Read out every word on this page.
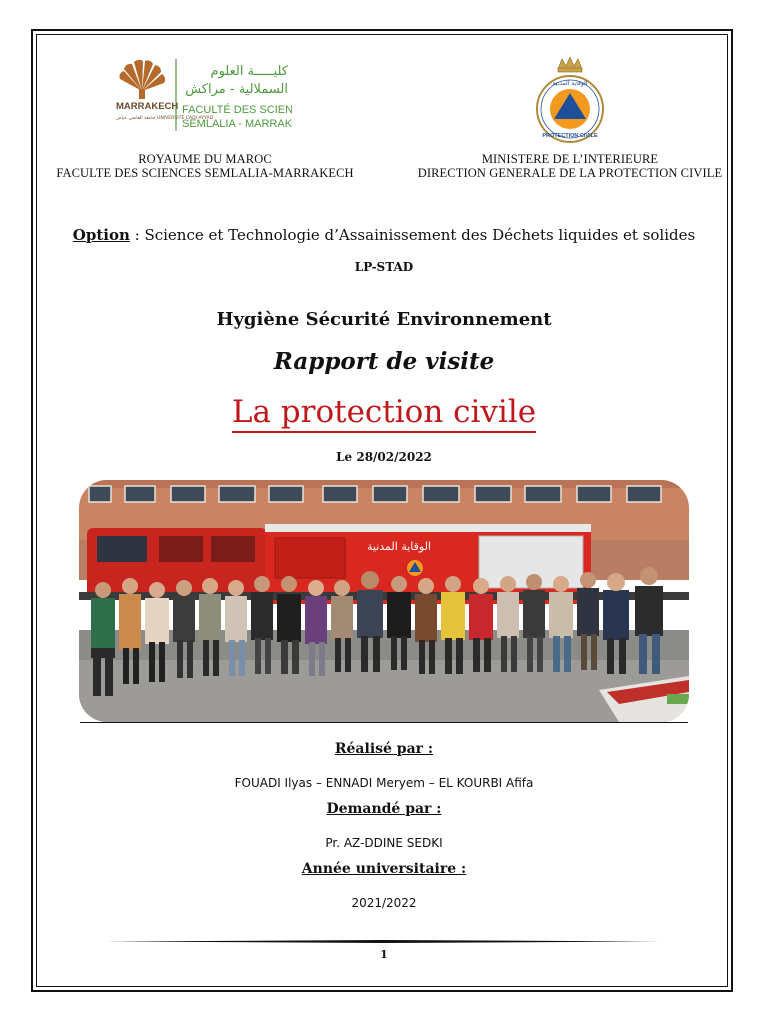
MARRAKECH
جامعة القاضي عياض UNIVERSITÉ CADI AYYAD
كليـــــة العلوم
السملالية - مراكش
FACULTÉ DES SCIEN
SEMLALIA - MARRAK
الوقاية المدنية
PROTECTION CIVILE
ROYAUME DU MAROC
FACULTE DES SCIENCES SEMLALIA-MARRAKECH
MINISTERE DE L’INTERIEURE
DIRECTION GENERALE DE LA PROTECTION CIVILE
Option : Science et Technologie d’Assainissement des Déchets liquides et solides
LP-STAD
Hygiène Sécurité Environnement
Rapport de visite
La protection civile
Le 28/02/2022
الوقاية المدنية
Réalisé par :
FOUADI Ilyas – ENNADI Meryem – EL KOURBI Afifa
Demandé par :
Pr. AZ-DDINE SEDKI
Année universitaire :
2021/2022
1
